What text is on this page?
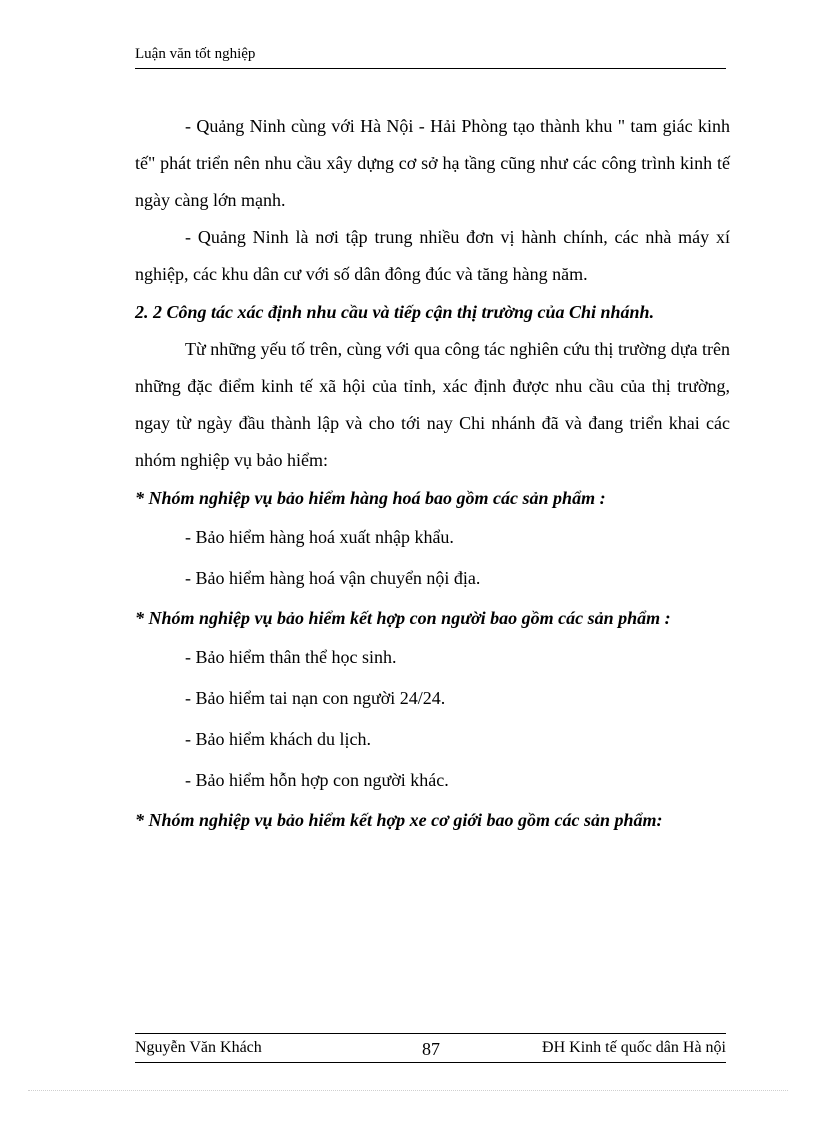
Luận văn tốt nghiệp

- Quảng Ninh cùng với Hà Nội - Hải Phòng tạo thành khu " tam giác kinh tế" phát triển nên nhu cầu xây dựng cơ sở hạ tầng cũng như các công trình kinh tế ngày càng lớn mạnh.

- Quảng Ninh là nơi tập trung nhiều đơn vị hành chính, các nhà máy xí nghiệp, các khu dân cư với số dân đông đúc và tăng hàng năm.

2. 2 Công tác xác định nhu cầu và tiếp cận thị trường của Chi nhánh.

Từ những yếu tố trên, cùng với qua công tác nghiên cứu thị trường dựa trên những đặc điểm kinh tế xã hội của tỉnh, xác định được nhu cầu của thị trường, ngay từ ngày đầu thành lập và cho tới nay Chi nhánh đã và đang triển khai các nhóm nghiệp vụ bảo hiểm:

* Nhóm nghiệp vụ bảo hiểm hàng hoá bao gồm các sản phẩm :

- Bảo hiểm hàng hoá xuất nhập khẩu.

- Bảo hiểm hàng hoá vận chuyển nội địa.

* Nhóm nghiệp vụ bảo hiểm kết hợp con người bao gồm các sản phẩm :

- Bảo hiểm thân thể học sinh.

- Bảo hiểm tai nạn con người 24/24.

- Bảo hiểm khách du lịch.

- Bảo hiểm hỗn hợp con người khác.

* Nhóm nghiệp vụ bảo hiểm kết hợp xe cơ giới bao gồm các sản phẩm:

Nguyễn Văn Khách	87	ĐH Kinh tế quốc dân Hà nội
